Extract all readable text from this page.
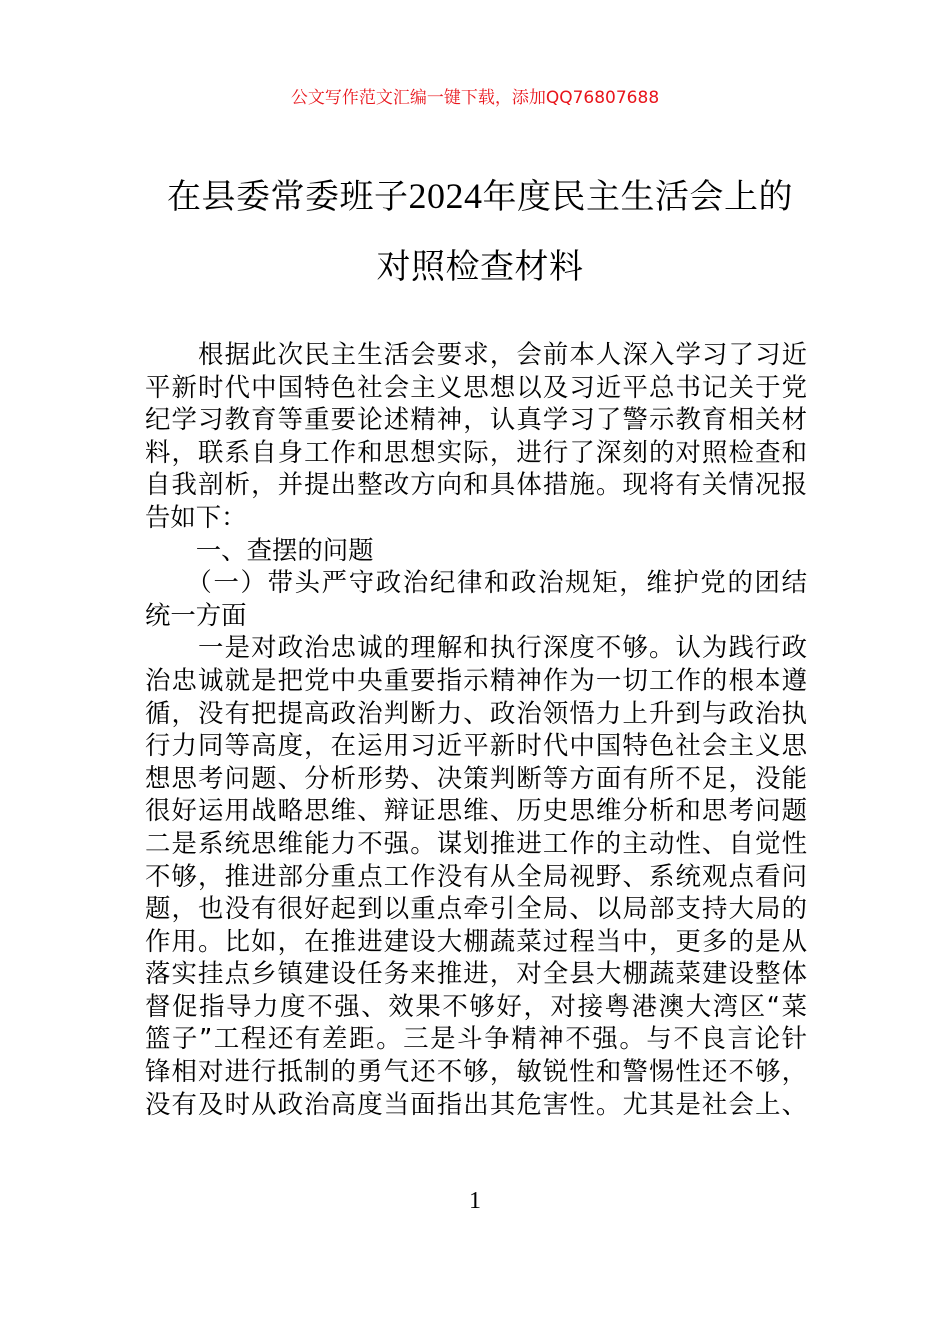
公文写作范文汇编一键下载，添加QQ76807688
在县委常委班子2024年度民主生活会上的
对照检查材料
　　根据此次民主生活会要求，会前本人深入学习了习近
平新时代中国特色社会主义思想以及习近平总书记关于党
纪学习教育等重要论述精神，认真学习了警示教育相关材
料，联系自身工作和思想实际，进行了深刻的对照检查和
自我剖析，并提出整改方向和具体措施。现将有关情况报
告如下：
　　一、查摆的问题
　　（一）带头严守政治纪律和政治规矩，维护党的团结
统一方面
　　一是对政治忠诚的理解和执行深度不够。认为践行政
治忠诚就是把党中央重要指示精神作为一切工作的根本遵
循，没有把提高政治判断力、政治领悟力上升到与政治执
行力同等高度，在运用习近平新时代中国特色社会主义思
想思考问题、分析形势、决策判断等方面有所不足，没能
很好运用战略思维、辩证思维、历史思维分析和思考问题
二是系统思维能力不强。谋划推进工作的主动性、自觉性
不够，推进部分重点工作没有从全局视野、系统观点看问
题，也没有很好起到以重点牵引全局、以局部支持大局的
作用。比如，在推进建设大棚蔬菜过程当中，更多的是从
落实挂点乡镇建设任务来推进，对全县大棚蔬菜建设整体
督促指导力度不强、效果不够好，对接粤港澳大湾区“菜
篮子”工程还有差距。三是斗争精神不强。与不良言论针
锋相对进行抵制的勇气还不够，敏锐性和警惕性还不够，
没有及时从政治高度当面指出其危害性。尤其是社会上、
1
